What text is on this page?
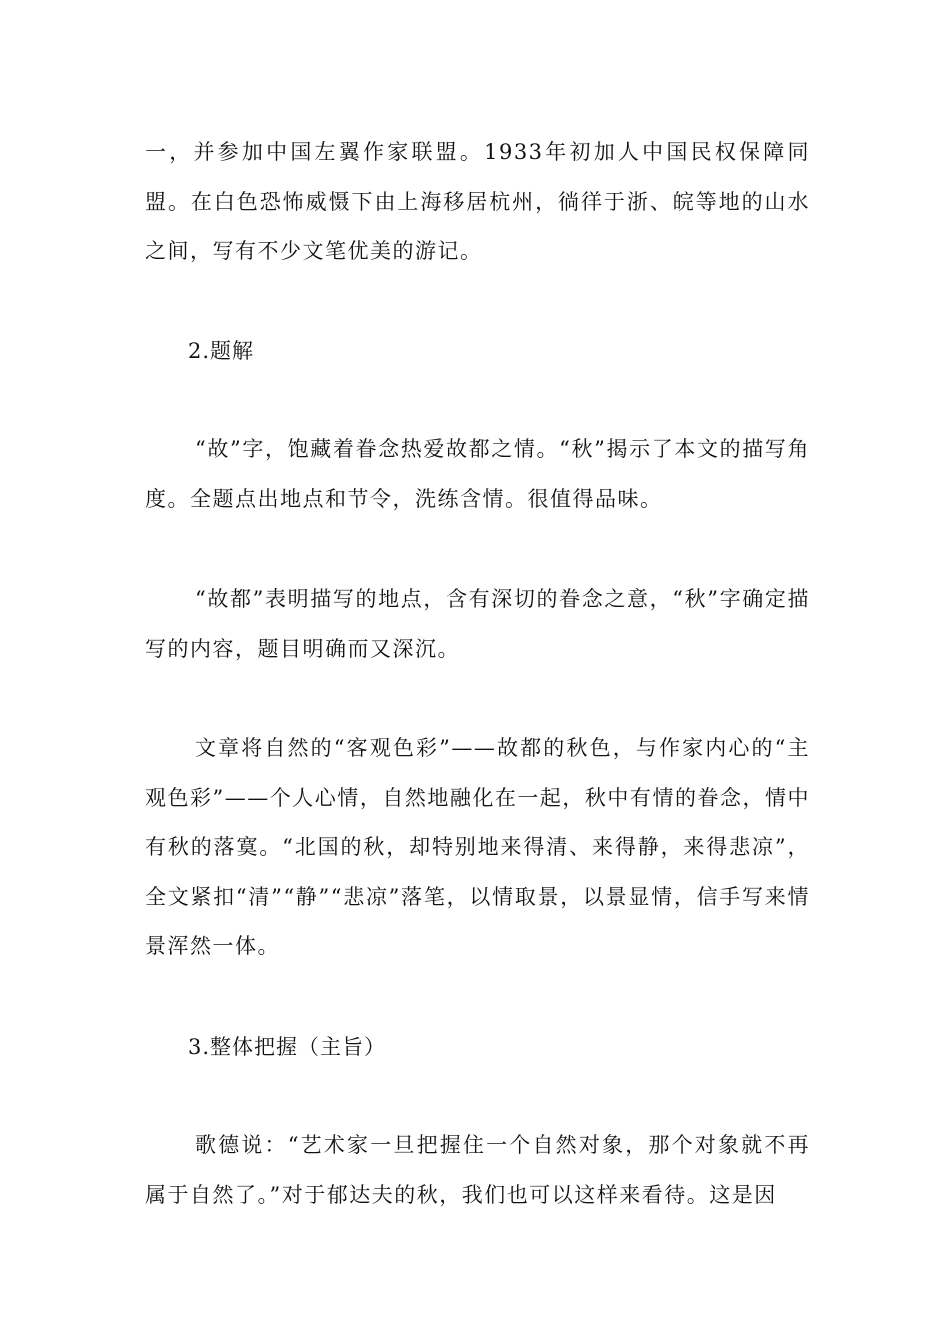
一，并参加中国左翼作家联盟。1933年初加人中国民权保障同盟。在白色恐怖威慑下由上海移居杭州，徜徉于浙、皖等地的山水之间，写有不少文笔优美的游记。

2.题解

“故”字，饱藏着眷念热爱故都之情。“秋”揭示了本文的描写角度。全题点出地点和节令，洗练含情。很值得品味。

“故都”表明描写的地点，含有深切的眷念之意，“秋”字确定描写的内容，题目明确而又深沉。

文章将自然的“客观色彩”——故都的秋色，与作家内心的“主观色彩”——个人心情，自然地融化在一起，秋中有情的眷念，情中有秋的落寞。“北国的秋，却特别地来得清、来得静，来得悲凉”，全文紧扣“清”“静”“悲凉”落笔，以情取景，以景显情，信手写来情景浑然一体。

3.整体把握（主旨）

歌德说：“艺术家一旦把握住一个自然对象，那个对象就不再属于自然了。”对于郁达夫的秋，我们也可以这样来看待。这是因
